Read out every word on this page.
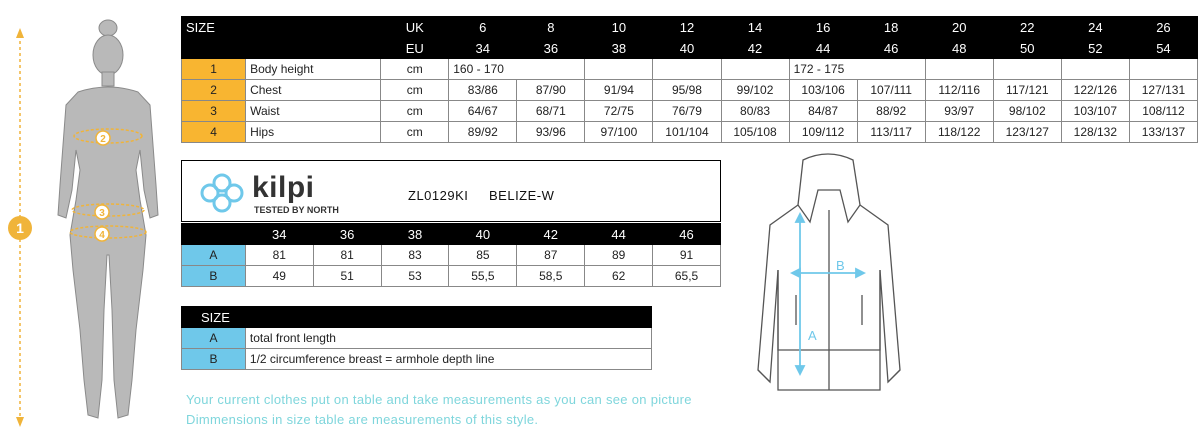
2
3
4
1
SIZE		UK	6	8	10	12	14	16	18	20	22	24	26
		EU	34	36	38	40	42	44	46	48	50	52	54
1	Body height	cm	160 - 170					172 - 175					
2	Chest	cm	83/86	87/90	91/94	95/98	99/102	103/106	107/111	112/116	117/121	122/126	127/131
3	Waist	cm	64/67	68/71	72/75	76/79	80/83	84/87	88/92	93/97	98/102	103/107	108/112
4	Hips	cm	89/92	93/96	97/100	101/104	105/108	109/112	113/117	118/122	123/127	128/132	133/137
kilpi
TESTED BY NORTH
ZL0129KI BELIZE-W
	34	36	38	40	42	44	46
A	81	81	83	85	87	89	91
B	49	51	53	55,5	58,5	62	65,5
SIZE	
A	total front length
B	1/2 circumference breast = armhole depth line
A
B
Your current clothes put on table and take measurements as you can see on picture
Dimmensions in size table are measurements of this style.
